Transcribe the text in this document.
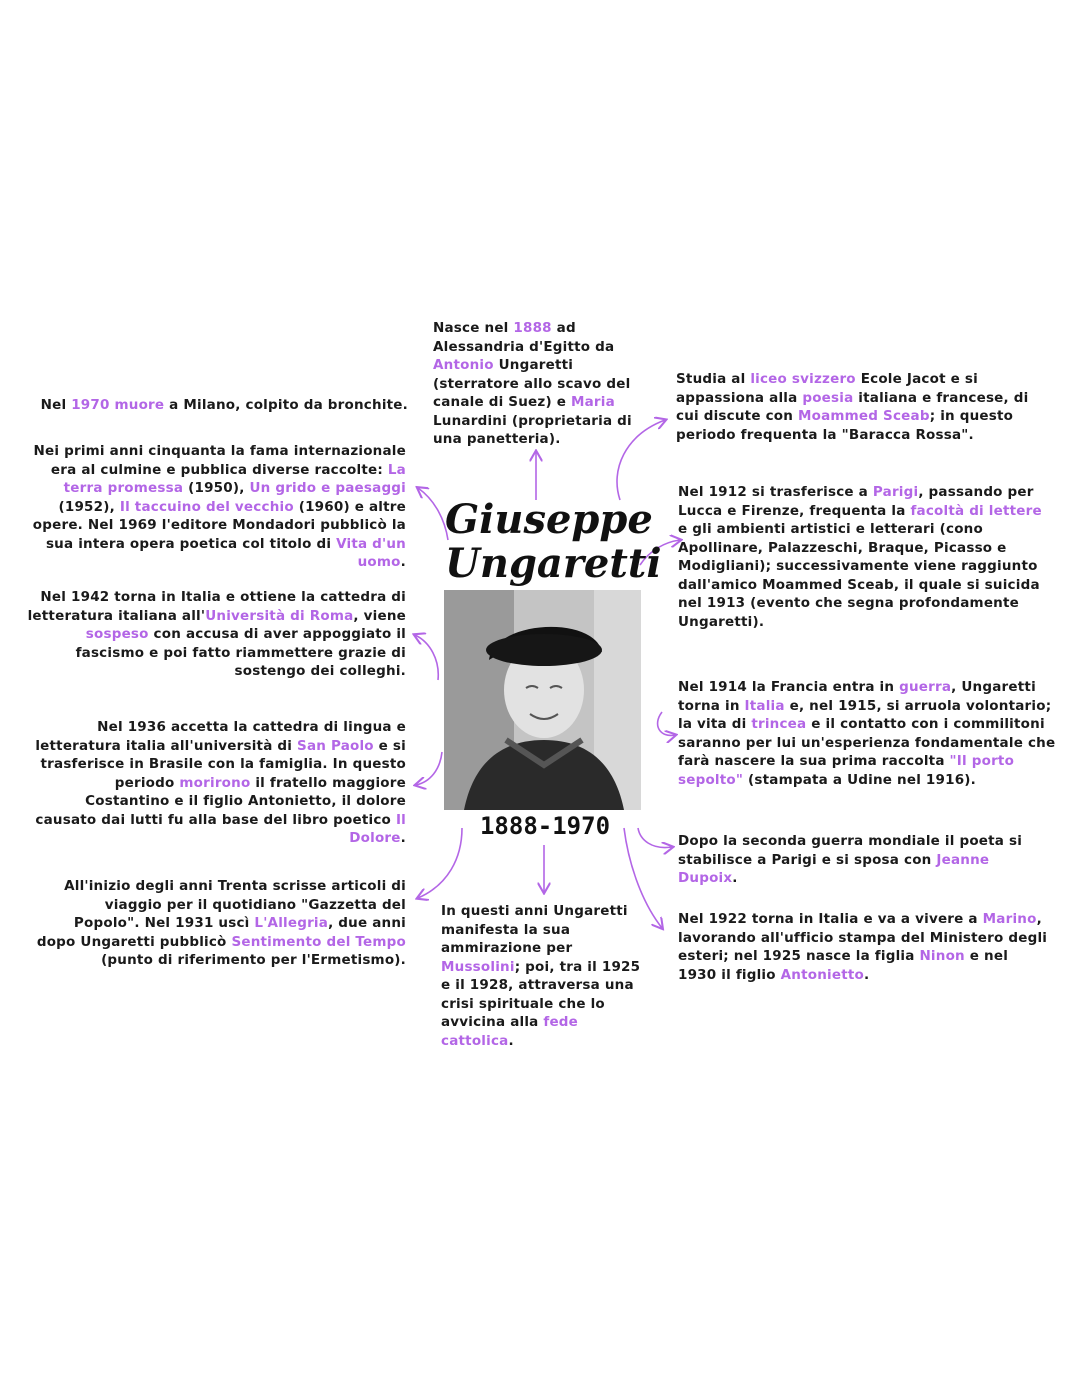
Nel 1970 muore a Milano, colpito da bronchite.
Nei primi anni cinquanta la fama internazionale era al culmine e pubblica diverse raccolte: La terra promessa (1950), Un grido e paesaggi (1952), Il taccuino del vecchio (1960) e altre opere. Nel 1969 l'editore Mondadori pubblicò la sua intera opera poetica col titolo di Vita d'un uomo.
Nel 1942 torna in Italia e ottiene la cattedra di letteratura italiana all'Università di Roma, viene sospeso con accusa di aver appoggiato il fascismo e poi fatto riammettere grazie di sostengo dei colleghi.
Nel 1936 accetta la cattedra di lingua e letteratura italia all'università di San Paolo e si trasferisce in Brasile con la famiglia. In questo periodo morirono il fratello maggiore Costantino e il figlio Antonietto, il dolore causato dai lutti fu alla base del libro poetico Il Dolore.
All'inizio degli anni Trenta scrisse articoli di viaggio per il quotidiano "Gazzetta del Popolo". Nel 1931 uscì L'Allegria, due anni dopo Ungaretti pubblicò Sentimento del Tempo (punto di riferimento per l'Ermetismo).
Nasce nel 1888 ad Alessandria d'Egitto da Antonio Ungaretti (sterratore allo scavo del canale di Suez) e Maria Lunardini (proprietaria di una panetteria).
In questi anni Ungaretti manifesta la sua ammirazione per Mussolini; poi, tra il 1925 e il 1928, attraversa una crisi spirituale che lo avvicina alla fede cattolica.
Studia al liceo svizzero Ecole Jacot e si appassiona alla poesia italiana e francese, di cui discute con Moammed Sceab; in questo periodo frequenta la "Baracca Rossa".
Nel 1912 si trasferisce a Parigi, passando per Lucca e Firenze, frequenta la facoltà di lettere e gli ambienti artistici e letterari (cono Apollinare, Palazzeschi, Braque, Picasso e Modigliani); successivamente viene raggiunto dall'amico Moammed Sceab, il quale si suicida nel 1913 (evento che segna profondamente Ungaretti).
Nel 1914 la Francia entra in guerra, Ungaretti torna in Italia e, nel 1915, si arruola volontario; la vita di trincea e il contatto con i commilitoni saranno per lui un'esperienza fondamentale che farà nascere la sua prima raccolta "Il porto sepolto" (stampata a Udine nel 1916).
Dopo la seconda guerra mondiale il poeta si stabilisce a Parigi e si sposa con Jeanne Dupoix.
Nel 1922 torna in Italia e va a vivere a Marino, lavorando all'ufficio stampa del Ministero degli esteri; nel 1925 nasce la figlia Ninon e nel 1930 il figlio Antonietto.
Giuseppe Ungaretti
1888-1970
